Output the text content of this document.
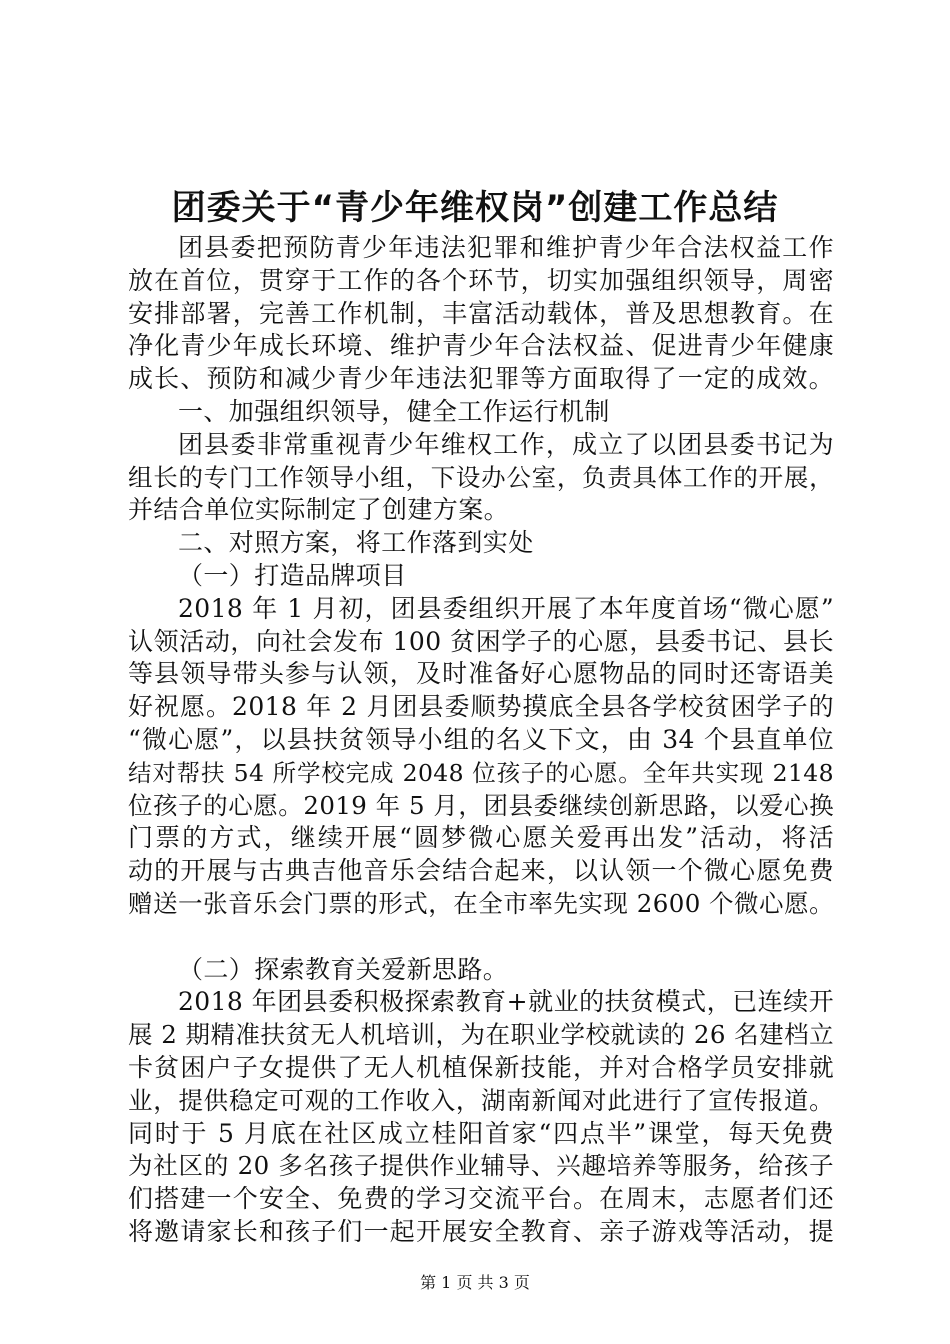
团委关于“青少年维权岗”创建工作总结
团县委把预防青少年违法犯罪和维护青少年合法权益工作
放在首位，贯穿于工作的各个环节，切实加强组织领导，周密
安排部署，完善工作机制，丰富活动载体，普及思想教育。在
净化青少年成长环境、维护青少年合法权益、促进青少年健康
成长、预防和减少青少年违法犯罪等方面取得了一定的成效。
一、加强组织领导，健全工作运行机制
团县委非常重视青少年维权工作，成立了以团县委书记为
组长的专门工作领导小组，下设办公室，负责具体工作的开展，
并结合单位实际制定了创建方案。
二、对照方案，将工作落到实处
（一）打造品牌项目
2018 年 1 月初，团县委组织开展了本年度首场“微心愿”
认领活动，向社会发布 100 贫困学子的心愿，县委书记、县长
等县领导带头参与认领，及时准备好心愿物品的同时还寄语美
好祝愿。2018 年 2 月团县委顺势摸底全县各学校贫困学子的
“微心愿”，以县扶贫领导小组的名义下文，由 34 个县直单位
结对帮扶 54 所学校完成 2048 位孩子的心愿。全年共实现 2148
位孩子的心愿。2019 年 5 月，团县委继续创新思路，以爱心换
门票的方式，继续开展“圆梦微心愿关爱再出发”活动，将活
动的开展与古典吉他音乐会结合起来，以认领一个微心愿免费
赠送一张音乐会门票的形式，在全市率先实现 2600 个微心愿。
（二）探索教育关爱新思路。
2018 年团县委积极探索教育+就业的扶贫模式，已连续开
展 2 期精准扶贫无人机培训，为在职业学校就读的 26 名建档立
卡贫困户子女提供了无人机植保新技能，并对合格学员安排就
业，提供稳定可观的工作收入，湖南新闻对此进行了宣传报道。
同时于 5 月底在社区成立桂阳首家“四点半”课堂，每天免费
为社区的 20 多名孩子提供作业辅导、兴趣培养等服务，给孩子
们搭建一个安全、免费的学习交流平台。在周末，志愿者们还
将邀请家长和孩子们一起开展安全教育、亲子游戏等活动，提
第 1 页 共 3 页
